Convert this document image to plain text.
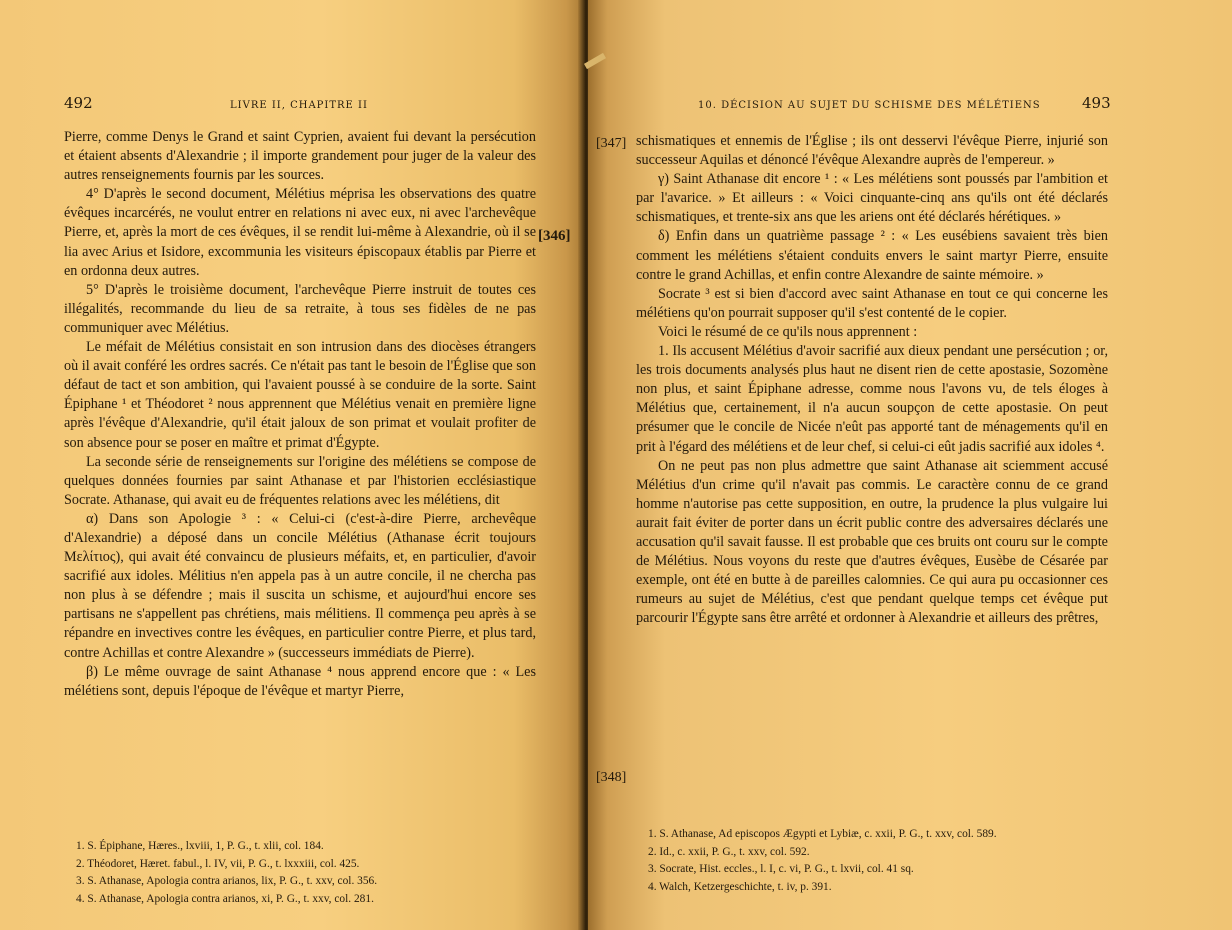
492	LIVRE II, CHAPITRE II

Pierre, comme Denys le Grand et saint Cyprien, avaient fui devant la persécution et étaient absents d'Alexandrie ; il importe grandement pour juger de la valeur des autres renseignements fournis par les sources.

4° D'après le second document, Mélétius méprisa les observations des quatre évêques incarcérés, ne voulut entrer en relations ni avec eux, ni avec l'archevêque Pierre, et, après la mort de ces évêques, il se rendit lui-même à Alexandrie, où il se lia avec Arius et Isidore, excommunia les visiteurs épiscopaux établis par Pierre et en ordonna deux autres.

5° D'après le troisième document, l'archevêque Pierre instruit de toutes ces illégalités, recommande du lieu de sa retraite, à tous ses fidèles de ne pas communiquer avec Mélétius.

Le méfait de Mélétius consistait en son intrusion dans des diocèses étrangers où il avait conféré les ordres sacrés. Ce n'était pas tant le besoin de l'Église que son défaut de tact et son ambition, qui l'avaient poussé à se conduire de la sorte. Saint Épiphane ¹ et Théodoret ² nous apprennent que Mélétius venait en première ligne après l'évêque d'Alexandrie, qu'il était jaloux de son primat et voulait profiter de son absence pour se poser en maître et primat d'Égypte.

La seconde série de renseignements sur l'origine des mélétiens se compose de quelques données fournies par saint Athanase et par l'historien ecclésiastique Socrate. Athanase, qui avait eu de fréquentes relations avec les mélétiens, dit

α) Dans son Apologie ³ : « Celui-ci (c'est-à-dire Pierre, archevêque d'Alexandrie) a déposé dans un concile Mélétius (Athanase écrit toujours Μελίτιος), qui avait été convaincu de plusieurs méfaits, et, en particulier, d'avoir sacrifié aux idoles. Mélitius n'en appela pas à un autre concile, il ne chercha pas non plus à se défendre ; mais il suscita un schisme, et aujourd'hui encore ses partisans ne s'appellent pas chrétiens, mais mélitiens. Il commença peu après à se répandre en invectives contre les évêques, en particulier contre Pierre, et plus tard, contre Achillas et contre Alexandre » (successeurs immédiats de Pierre).

β) Le même ouvrage de saint Athanase ⁴ nous apprend encore que : « Les mélétiens sont, depuis l'époque de l'évêque et martyr Pierre,

1. S. Épiphane, Hæres., lxviii, 1, P. G., t. xlii, col. 184.
2. Théodoret, Hæret. fabul., l. IV, vii, P. G., t. lxxxiii, col. 425.
3. S. Athanase, Apologia contra arianos, lix, P. G., t. xxv, col. 356.
4. S. Athanase, Apologia contra arianos, xi, P. G., t. xxv, col. 281.
[346]
10. DÉCISION AU SUJET DU SCHISME DES MÉLÉTIENS	493

schismatiques et ennemis de l'Église ; ils ont desservi l'évêque Pierre, injurié son successeur Aquilas et dénoncé l'évêque Alexandre auprès de l'empereur. »

γ) Saint Athanase dit encore ¹ : « Les mélétiens sont poussés par l'ambition et par l'avarice. » Et ailleurs : « Voici cinquante-cinq ans qu'ils ont été déclarés schismatiques, et trente-six ans que les ariens ont été déclarés hérétiques. »

δ) Enfin dans un quatrième passage ² : « Les eusébiens savaient très bien comment les mélétiens s'étaient conduits envers le saint martyr Pierre, ensuite contre le grand Achillas, et enfin contre Alexandre de sainte mémoire. »

Socrate ³ est si bien d'accord avec saint Athanase en tout ce qui concerne les mélétiens qu'on pourrait supposer qu'il s'est contenté de le copier.

Voici le résumé de ce qu'ils nous apprennent :

1. Ils accusent Mélétius d'avoir sacrifié aux dieux pendant une persécution ; or, les trois documents analysés plus haut ne disent rien de cette apostasie, Sozomène non plus, et saint Épiphane adresse, comme nous l'avons vu, de tels éloges à Mélétius que, certainement, il n'a aucun soupçon de cette apostasie. On peut présumer que le concile de Nicée n'eût pas apporté tant de ménagements qu'il en prit à l'égard des mélétiens et de leur chef, si celui-ci eût jadis sacrifié aux idoles ⁴.

On ne peut pas non plus admettre que saint Athanase ait sciemment accusé Mélétius d'un crime qu'il n'avait pas commis. Le caractère connu de ce grand homme n'autorise pas cette supposition, en outre, la prudence la plus vulgaire lui aurait fait éviter de porter dans un écrit public contre des adversaires déclarés une accusation qu'il savait fausse. Il est probable que ces bruits ont couru sur le compte de Mélétius. Nous voyons du reste que d'autres évêques, Eusèbe de Césarée par exemple, ont été en butte à de pareilles calomnies. Ce qui aura pu occasionner ces rumeurs au sujet de Mélétius, c'est que pendant quelque temps cet évêque put parcourir l'Égypte sans être arrêté et ordonner à Alexandrie et ailleurs des prêtres,

1. S. Athanase, Ad episcopos Ægypti et Lybiæ, c. xxii, P. G., t. xxv, col. 589.
2. Id., c. xxii, P. G., t. xxv, col. 592.
3. Socrate, Hist. eccles., l. I, c. vi, P. G., t. lxvii, col. 41 sq.
4. Walch, Ketzergeschichte, t. iv, p. 391.
[347]
[348]
